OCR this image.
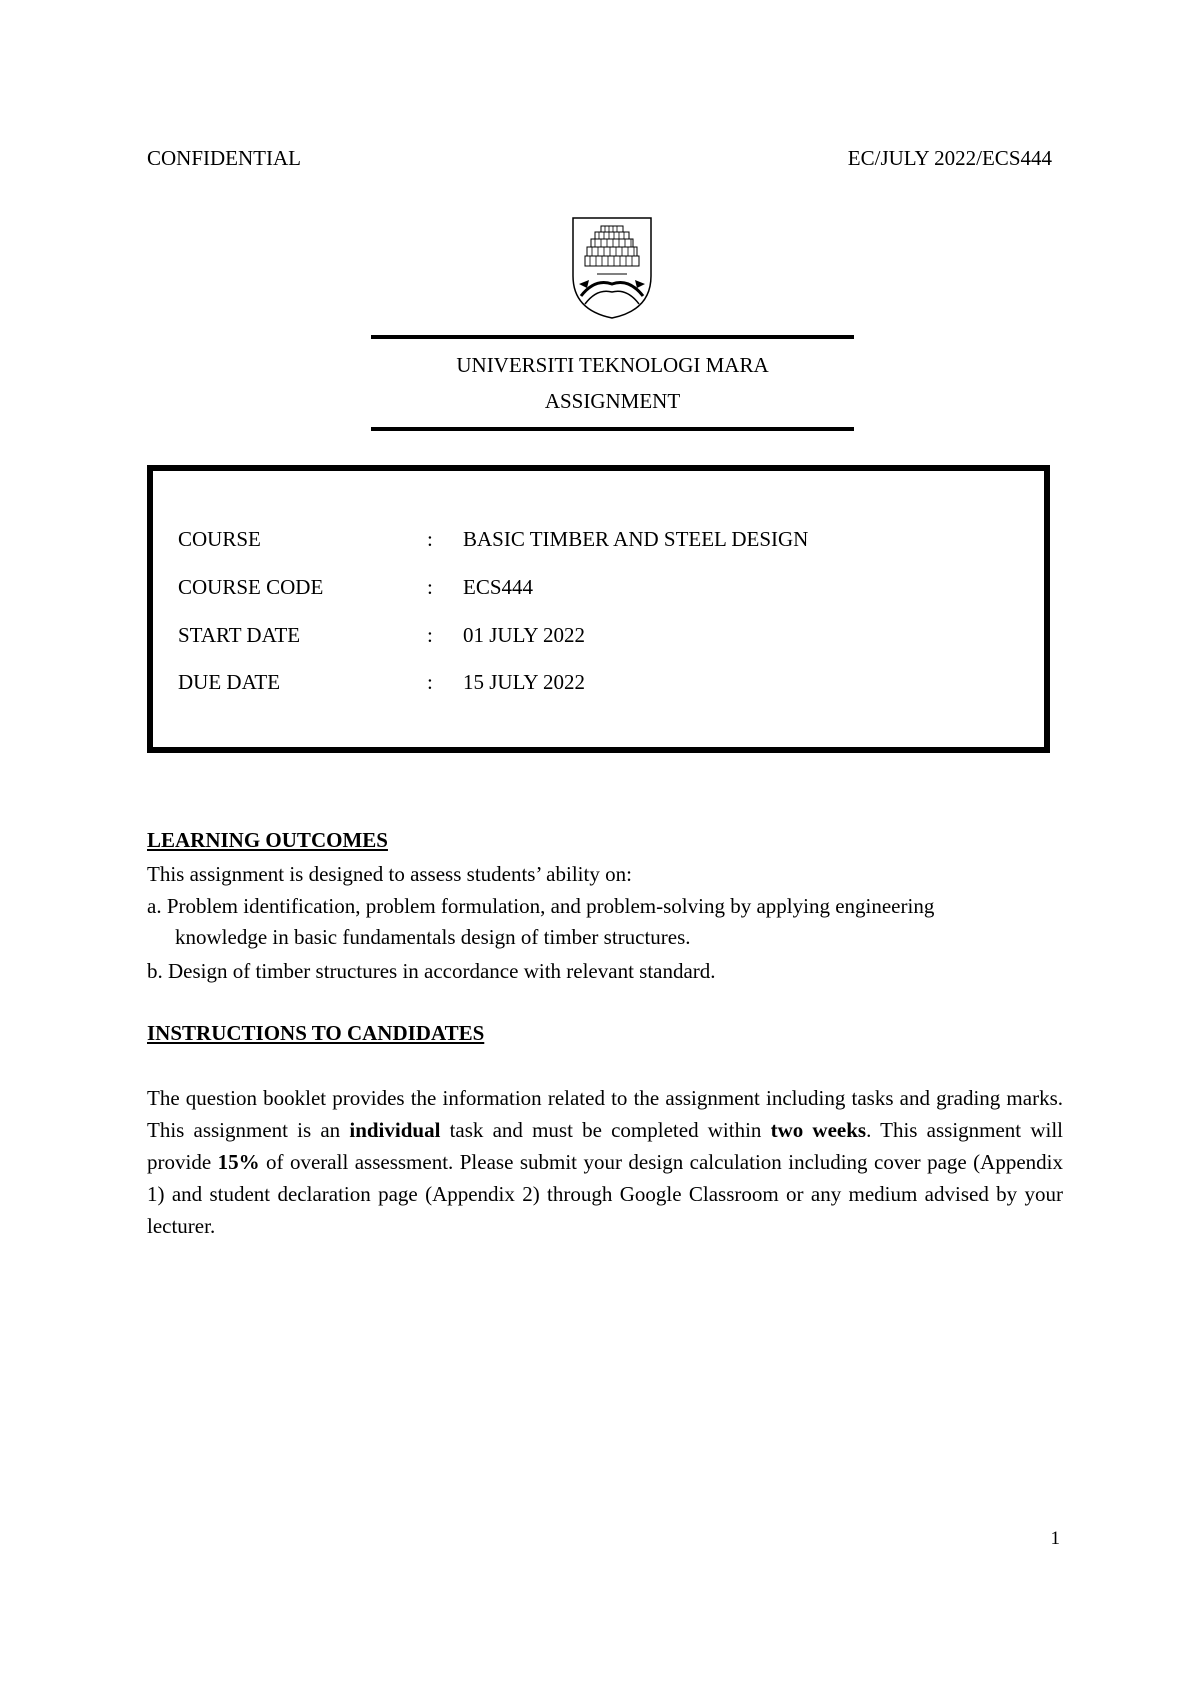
CONFIDENTIAL	EC/JULY 2022/ECS444
UNIVERSITI TEKNOLOGI MARA
ASSIGNMENT
COURSE	: BASIC TIMBER AND STEEL DESIGN
COURSE CODE	: ECS444
START DATE	: 01 JULY 2022
DUE DATE	: 15 JULY 2022
LEARNING OUTCOMES
This assignment is designed to assess students’ ability on:
a. Problem identification, problem formulation, and problem-solving by applying engineering
knowledge in basic fundamentals design of timber structures.
b. Design of timber structures in accordance with relevant standard.
INSTRUCTIONS TO CANDIDATES
The question booklet provides the information related to the assignment including tasks and grading marks. This assignment is an individual task and must be completed within two weeks. This assignment will provide 15% of overall assessment. Please submit your design calculation including cover page (Appendix 1) and student declaration page (Appendix 2) through Google Classroom or any medium advised by your lecturer.
1
